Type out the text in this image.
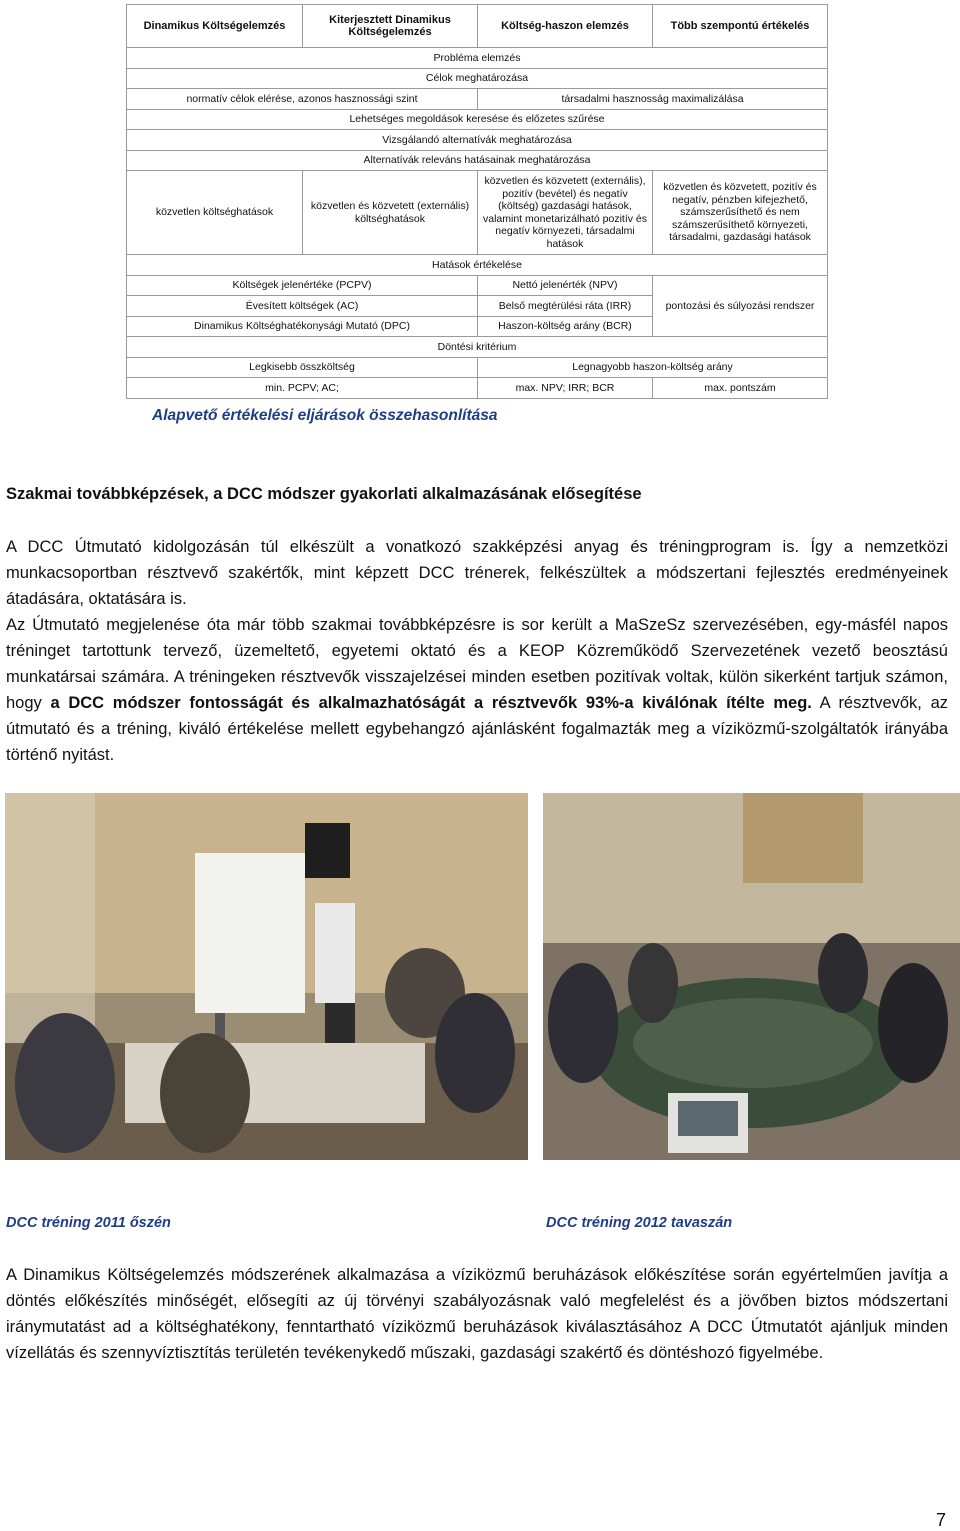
Dinamikus Költségelemzés	Kiterjesztett Dinamikus Költségelemzés	Költség-haszon elemzés	Több szempontú értékelés
Probléma elemzés			
Célok meghatározása			
normatív célok elérése, azonos hasznossági szint		társadalmi hasznosság maximalizálása	
Lehetséges megoldások keresése és előzetes szűrése			
Vizsgálandó alternatívák meghatározása			
Alternatívák releváns hatásainak meghatározása			
közvetlen költséghatások	közvetlen és közvetett (externális) költséghatások	közvetlen és közvetett (externális), pozitív (bevétel) és negatív (költség) gazdasági hatások, valamint monetarizálható pozitív és negatív környezeti, társadalmi hatások	közvetlen és közvetett, pozitív és negatív, pénzben kifejezhető, számszerűsíthető és nem számszerűsíthető környezeti, társadalmi, gazdasági hatások
Hatások értékelése			
Költségek jelenértéke (PCPV)		Nettó jelenérték (NPV)	pontozási és súlyozási rendszer
Évesített költségek (AC)		Belső megtérülési ráta (IRR)	
Dinamikus Költséghatékonysági Mutató (DPC)		Haszon-költség arány (BCR)	
Döntési kritérium			
Legkisebb összköltség		Legnagyobb haszon-költség arány	
min. PCPV; AC;		max. NPV; IRR; BCR	max. pontszám
Alapvető értékelési eljárások összehasonlítása
Szakmai továbbképzések, a DCC módszer gyakorlati alkalmazásának elősegítése

A DCC Útmutató kidolgozásán túl elkészült a vonatkozó szakképzési anyag és tréningprogram is. Így a nemzetközi munkacsoportban résztvevő szakértők, mint képzett DCC trénerek, felkészültek a módszertani fejlesztés eredményeinek átadására, oktatására is.

Az Útmutató megjelenése óta már több szakmai továbbképzésre is sor került a MaSzeSz szervezésében, egy-másfél napos tréninget tartottunk tervező, üzemeltető, egyetemi oktató és a KEOP Közreműködő Szervezetének vezető beosztású munkatársai számára. A tréningeken résztvevők visszajelzései minden esetben pozitívak voltak, külön sikerként tartjuk számon, hogy a DCC módszer fontosságát és alkalmazhatóságát a résztvevők 93%-a kiválónak ítélte meg. A résztvevők, az útmutató és a tréning, kiváló értékelése mellett egybehangzó ajánlásként fogalmazták meg a víziközmű-szolgáltatók irányába történő nyitást.

DCC tréning 2011 őszén	DCC tréning 2012 tavaszán
A Dinamikus Költségelemzés módszerének alkalmazása a víziközmű beruházások előkészítése során egyértelműen javítja a döntés előkészítés minőségét, elősegíti az új törvényi szabályozásnak való megfelelést és a jövőben biztos módszertani iránymutatást ad a költséghatékony, fenntartható víziközmű beruházások kiválasztásához A DCC Útmutatót ajánljuk minden vízellátás és szennyvíztisztítás területén tevékenykedő műszaki, gazdasági szakértő és döntéshozó figyelmébe.
7
